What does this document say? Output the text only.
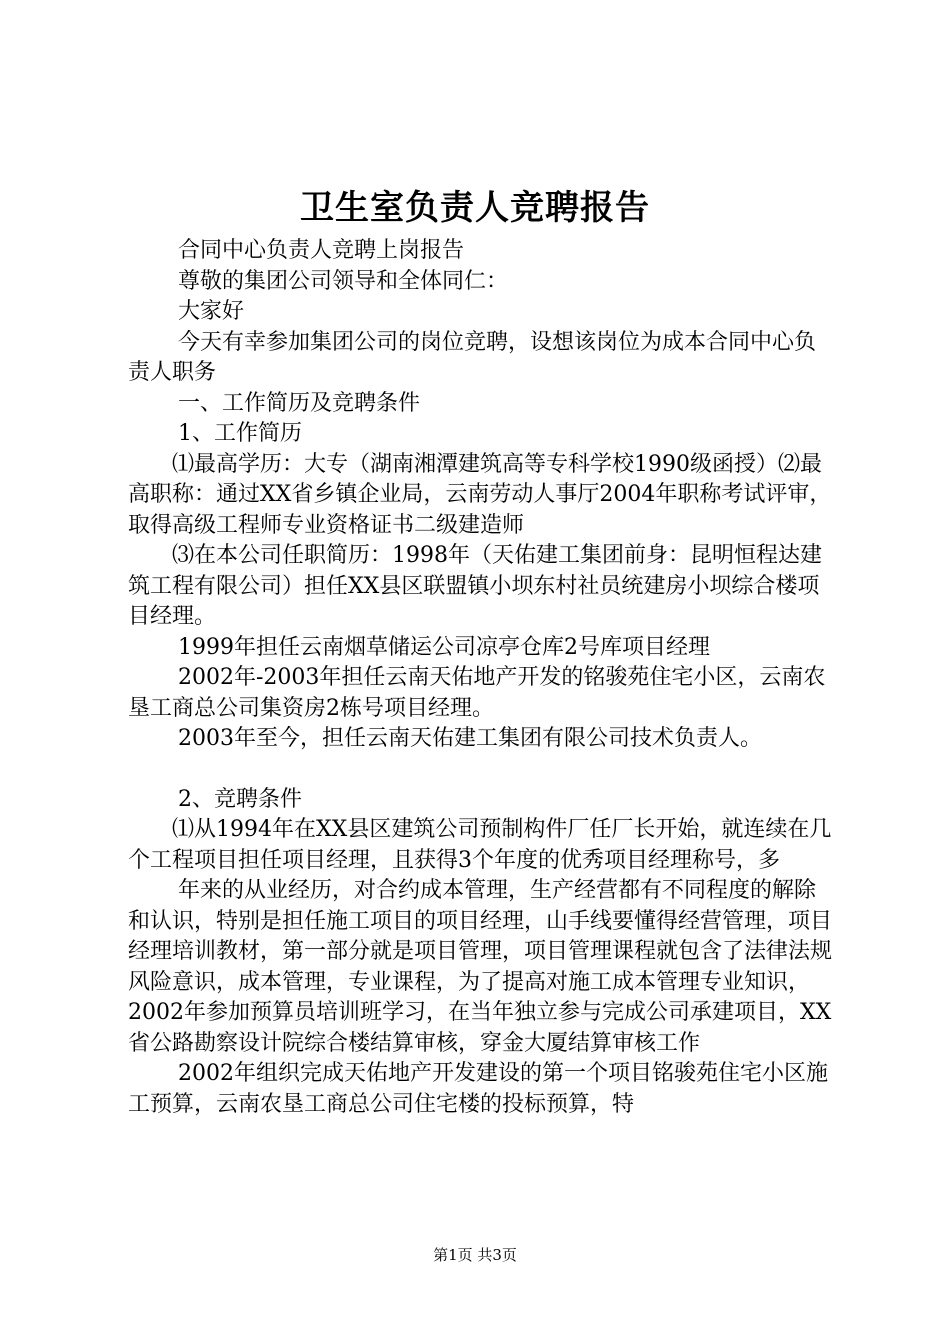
卫生室负责人竞聘报告

合同中心负责人竞聘上岗报告

尊敬的集团公司领导和全体同仁：

大家好

今天有幸参加集团公司的岗位竞聘，设想该岗位为成本合同中心负责人职务

一、工作简历及竞聘条件

1、工作简历

⑴最高学历：大专（湖南湘潭建筑高等专科学校1990级函授）⑵最高职称：通过XX省乡镇企业局，云南劳动人事厅2004年职称考试评审，取得高级工程师专业资格证书二级建造师

⑶在本公司任职简历：1998年（天佑建工集团前身：昆明恒程达建筑工程有限公司）担任XX县区联盟镇小坝东村社员统建房小坝综合楼项目经理。

1999年担任云南烟草储运公司凉亭仓库2号库项目经理

2002年-2003年担任云南天佑地产开发的铭骏苑住宅小区，云南农垦工商总公司集资房2栋号项目经理。

2003年至今，担任云南天佑建工集团有限公司技术负责人。

2、竞聘条件

⑴从1994年在XX县区建筑公司预制构件厂任厂长开始，就连续在几个工程项目担任项目经理，且获得3个年度的优秀项目经理称号，多

年来的从业经历，对合约成本管理，生产经营都有不同程度的解除和认识，特别是担任施工项目的项目经理，山手线要懂得经营管理，项目经理培训教材，第一部分就是项目管理，项目管理课程就包含了法律法规风险意识，成本管理，专业课程，为了提高对施工成本管理专业知识，2002年参加预算员培训班学习，在当年独立参与完成公司承建项目，XX省公路勘察设计院综合楼结算审核，穿金大厦结算审核工作

2002年组织完成天佑地产开发建设的第一个项目铭骏苑住宅小区施工预算，云南农垦工商总公司住宅楼的投标预算，特

第1页 共3页
